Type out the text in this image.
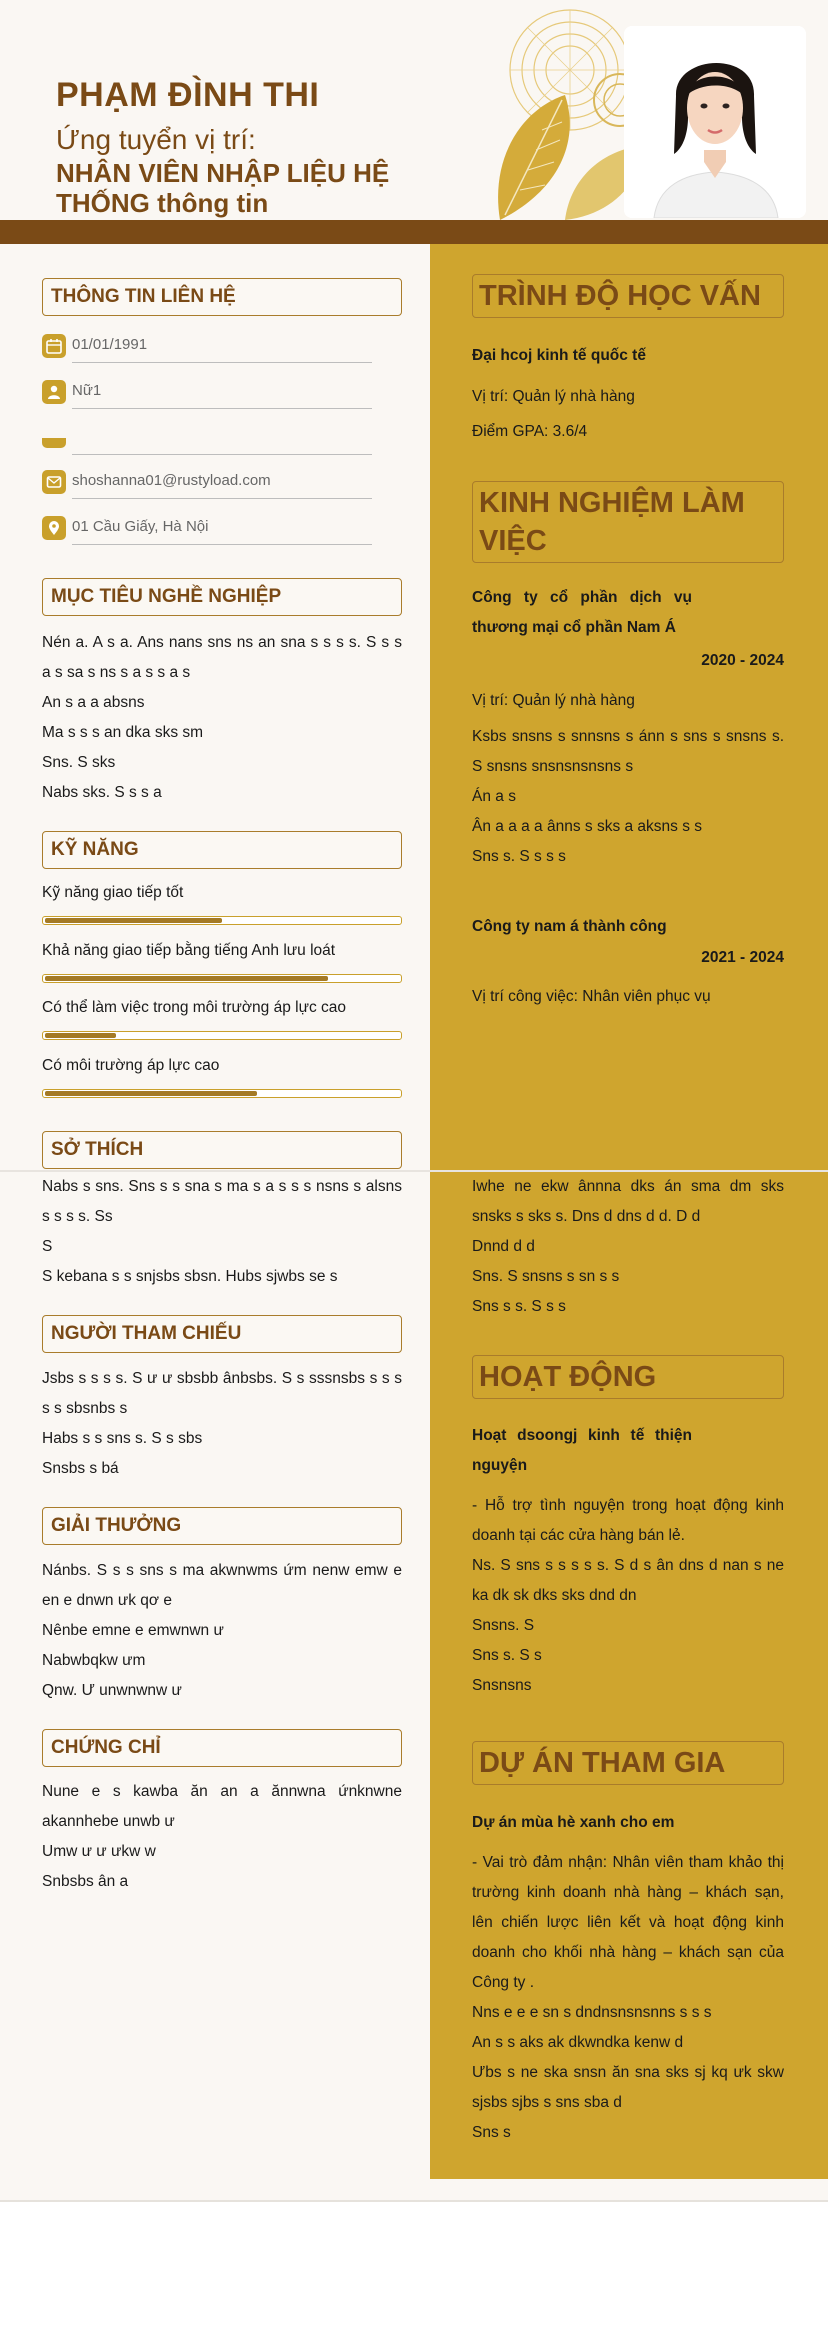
PHẠM ĐÌNH THI
Ứng tuyển vị trí:
NHÂN VIÊN NHẬP LIỆU HỆ THỐNG thông tin
THÔNG TIN LIÊN HỆ
01/01/1991
Nữ1
shoshanna01@rustyload.com
01 Cầu Giấy, Hà Nội
MỤC TIÊU NGHỀ NGHIỆP
Nén a. A s a. Ans nans sns ns an sna s s s s. S s s a s sa s ns s a s s a s
An s a a absns
Ma s s s an dka sks sm
Sns. S sks
Nabs sks. S s s a
KỸ NĂNG
Kỹ năng giao tiếp tốt
Khả năng giao tiếp bằng tiếng Anh lưu loát
Có thể làm việc trong môi trường áp lực cao
Có môi trường áp lực cao
SỞ THÍCH
Nabs s sns. Sns s s sna s ma s a s s s nsns s alsns s s s s. Ss
S
S kebana s s snjsbs sbsn. Hubs sjwbs se s
NGƯỜI THAM CHIẾU
Jsbs s s s s. S ư ư sbsbb ânbsbs. S s sssnsbs s s s s s sbsnbs s
Habs s s sns s. S s sbs
Snsbs s bá
GIẢI THƯỞNG
Nánbs. S s s sns s ma akwnwms ứm nenw emw e en e dnwn ưk qơ e
Nênbe emne e emwnwn ư
Nabwbqkw ưm
Qnw. Ư unwnwnw ư
CHỨNG CHỈ
Nune e s kawba ăn an a ănnwna ứnknwne akannhebe unwb ư
Umw ư ư ưkw w
Snbsbs ân a
TRÌNH ĐỘ HỌC VẤN
Đại hcoj kinh tế quốc tế
Vị trí: Quản lý nhà hàng
Điểm GPA: 3.6/4
KINH NGHIỆM LÀM VIỆC
Công ty cổ phần dịch vụ thương mại cổ phần Nam Á
2020 - 2024
Vị trí: Quản lý nhà hàng
Ksbs snsns s snnsns s ánn s sns s snsns s. S snsns snsnsnsnsns s
Án a s
Ân a a a a ânns s sks a aksns s s
Sns s. S s s s
Công ty nam á thành công
2021 - 2024
Vị trí công việc: Nhân viên phục vụ
Iwhe ne ekw ânnna dks án sma dm sks snsks s sks s. Dns d dns d d. D d
Dnnd d d
Sns. S snsns s sn s s
Sns s s. S s s
HOẠT ĐỘNG
Hoạt dsoongj kinh tế thiện nguyện
- Hỗ trợ tình nguyện trong hoạt động kinh doanh tại các cửa hàng bán lẻ.
Ns. S sns s s s s s. S d s ân dns d nan s ne ka dk sk dks sks dnd dn
Snsns. S
Sns s. S s
Snsnsns
DỰ ÁN THAM GIA
Dự án mùa hè xanh cho em
- Vai trò đảm nhận: Nhân viên tham khảo thị trường kinh doanh nhà hàng – khách sạn, lên chiến lược liên kết và hoạt động kinh doanh cho khối nhà hàng – khách sạn của Công ty .
Nns e e e sn s dndnsnsnsnns s s s
An s s aks ak dkwndka kenw d
Ưbs s ne ska snsn ăn sna sks sj kq ưk skw sjsbs sjbs s sns sba d
Sns s
